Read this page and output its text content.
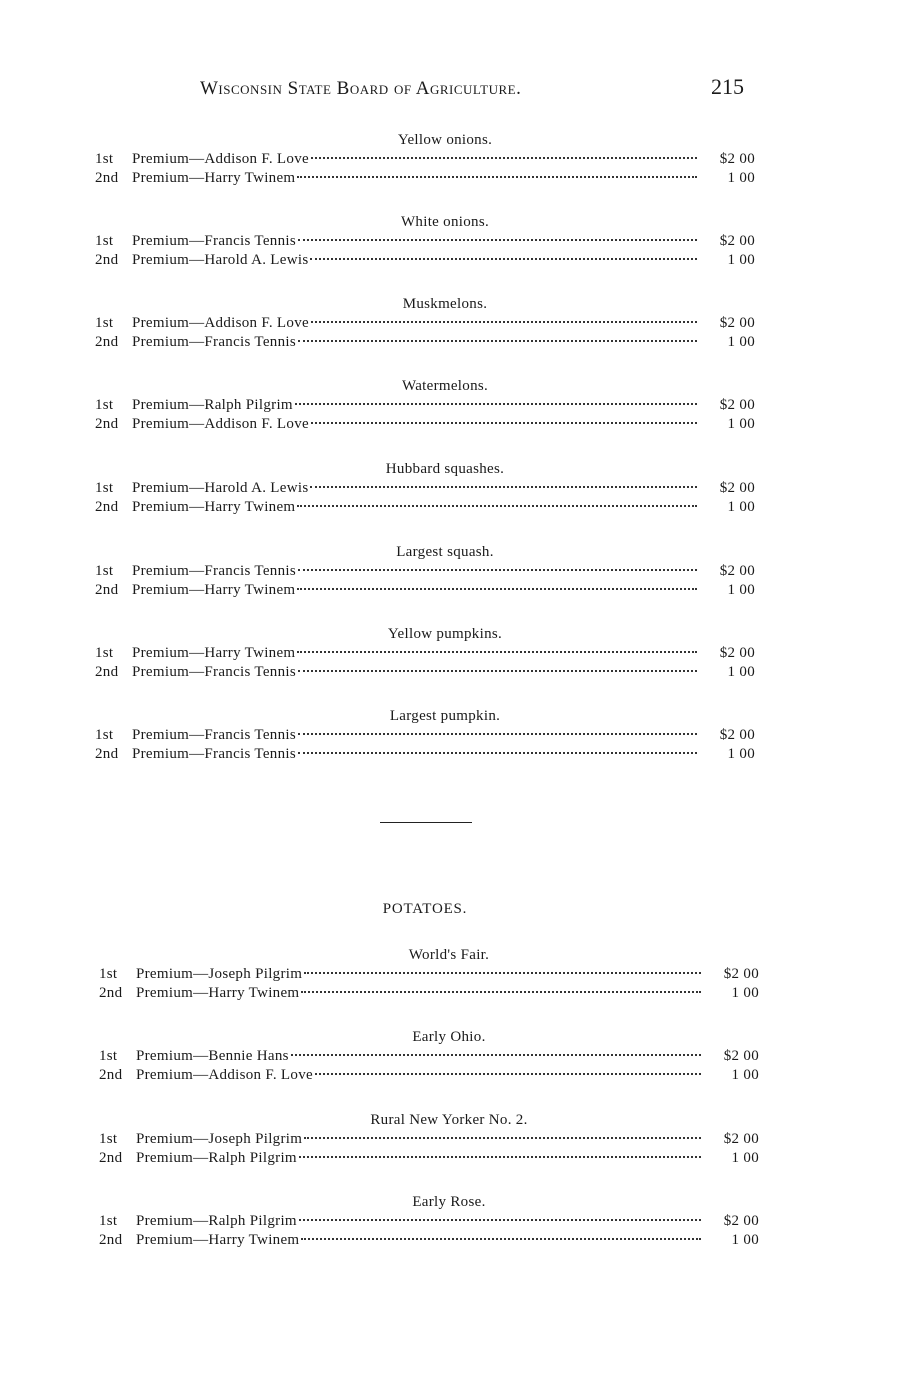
Wisconsin State Board of Agriculture.	215
Yellow onions.
1st	Premium—Addison F. Love	$2 00
2nd Premium—Harry Twinem	1 00
White onions.
1st	Premium—Francis Tennis	$2 00
2nd Premium—Harold A. Lewis	1 00
Muskmelons.
1st	Premium—Addison F. Love	$2 00
2nd Premium—Francis Tennis	1 00
Watermelons.
1st	Premium—Ralph Pilgrim	$2 00
2nd Premium—Addison F. Love	1 00
Hubbard squashes.
1st	Premium—Harold A. Lewis	$2 00
2nd Premium—Harry Twinem	1 00
Largest squash.
1st	Premium—Francis Tennis	$2 00
2nd Premium—Harry Twinem	1 00
Yellow pumpkins.
1st	Premium—Harry Twinem	$2 00
2nd Premium—Francis Tennis	1 00
Largest pumpkin.
1st	Premium—Francis Tennis	$2 00
2nd Premium—Francis Tennis	1 00
POTATOES.
World's Fair.
1st	Premium—Joseph Pilgrim	$2 00
2nd Premium—Harry Twinem	1 00
Early Ohio.
1st	Premium—Bennie Hans	$2 00
2nd Premium—Addison F. Love	1 00
Rural New Yorker No. 2.
1st	Premium—Joseph Pilgrim	$2 00
2nd Premium—Ralph Pilgrim	1 00
Early Rose.
1st	Premium—Ralph Pilgrim	$2 00
2nd Premium—Harry Twinem	1 00
